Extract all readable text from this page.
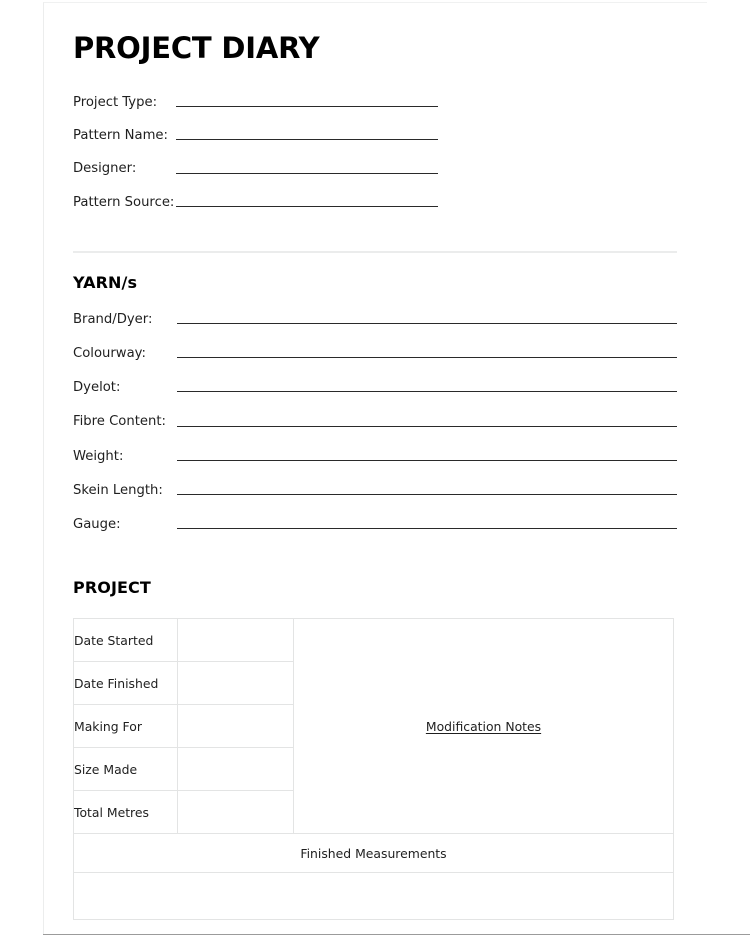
PROJECT DIARY
Project Type:
Pattern Name:
Designer:
Pattern Source:
YARN/s
Brand/Dyer:
Colourway:
Dyelot:
Fibre Content:
Weight:
Skein Length:
Gauge:
PROJECT
Date Started		Modification Notes
Date Finished		
Making For		
Size Made		
Total Metres		
Finished Measurements		
